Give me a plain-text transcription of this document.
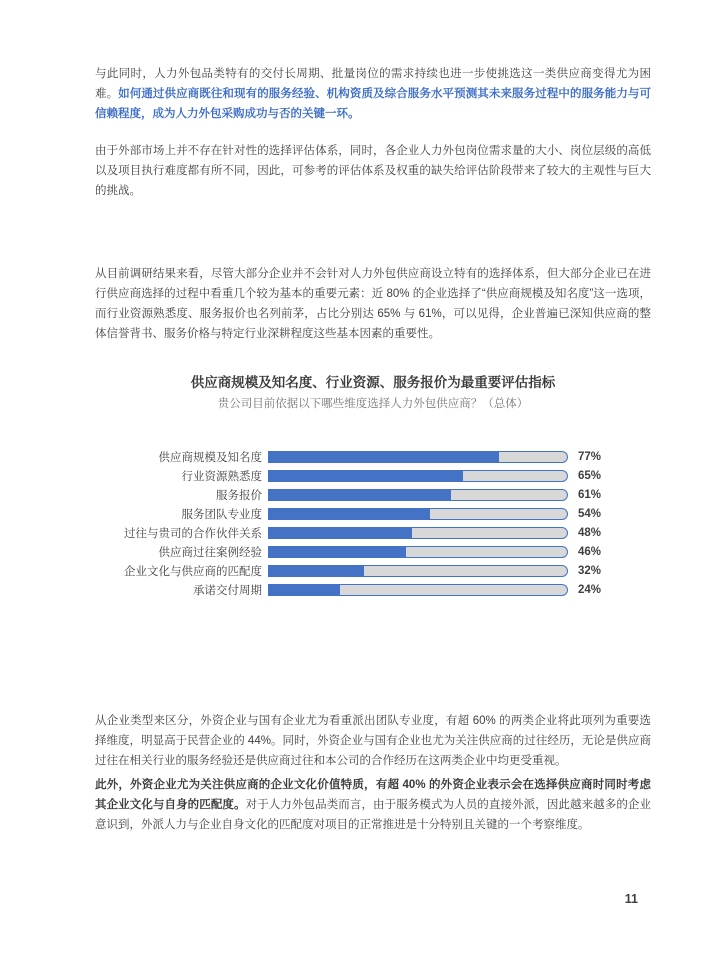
与此同时，人力外包品类特有的交付长周期、批量岗位的需求持续也进一步使挑选这一类供应商变得尤为困难。如何通过供应商既往和现有的服务经验、机构资质及综合服务水平预测其未来服务过程中的服务能力与可信赖程度，成为人力外包采购成功与否的关键一环。

由于外部市场上并不存在针对性的选择评估体系，同时，各企业人力外包岗位需求量的大小、岗位层级的高低以及项目执行难度都有所不同，因此，可参考的评估体系及权重的缺失给评估阶段带来了较大的主观性与巨大的挑战。

从目前调研结果来看，尽管大部分企业并不会针对人力外包供应商设立特有的选择体系，但大部分企业已在进行供应商选择的过程中看重几个较为基本的重要元素：近 80% 的企业选择了“供应商规模及知名度”这一选项，而行业资源熟悉度、服务报价也名列前茅，占比分别达 65% 与 61%，可以见得，企业普遍已深知供应商的整体信誉背书、服务价格与特定行业深耕程度这些基本因素的重要性。

供应商规模及知名度、行业资源、服务报价为最重要评估指标
贵公司目前依据以下哪些维度选择人力外包供应商？（总体）
供应商规模及知名度	77%
行业资源熟悉度	65%
服务报价	61%
服务团队专业度	54%
过往与贵司的合作伙伴关系	48%
供应商过往案例经验	46%
企业文化与供应商的匹配度	32%
承诺交付周期	24%

从企业类型来区分，外资企业与国有企业尤为看重派出团队专业度，有超 60% 的两类企业将此项列为重要选择维度，明显高于民营企业的 44%。同时，外资企业与国有企业也尤为关注供应商的过往经历，无论是供应商过往在相关行业的服务经验还是供应商过往和本公司的合作经历在这两类企业中均更受重视。

此外，外资企业尤为关注供应商的企业文化价值特质，有超 40% 的外资企业表示会在选择供应商时同时考虑其企业文化与自身的匹配度。对于人力外包品类而言，由于服务模式为人员的直接外派，因此越来越多的企业意识到，外派人力与企业自身文化的匹配度对项目的正常推进是十分特别且关键的一个考察维度。

11
